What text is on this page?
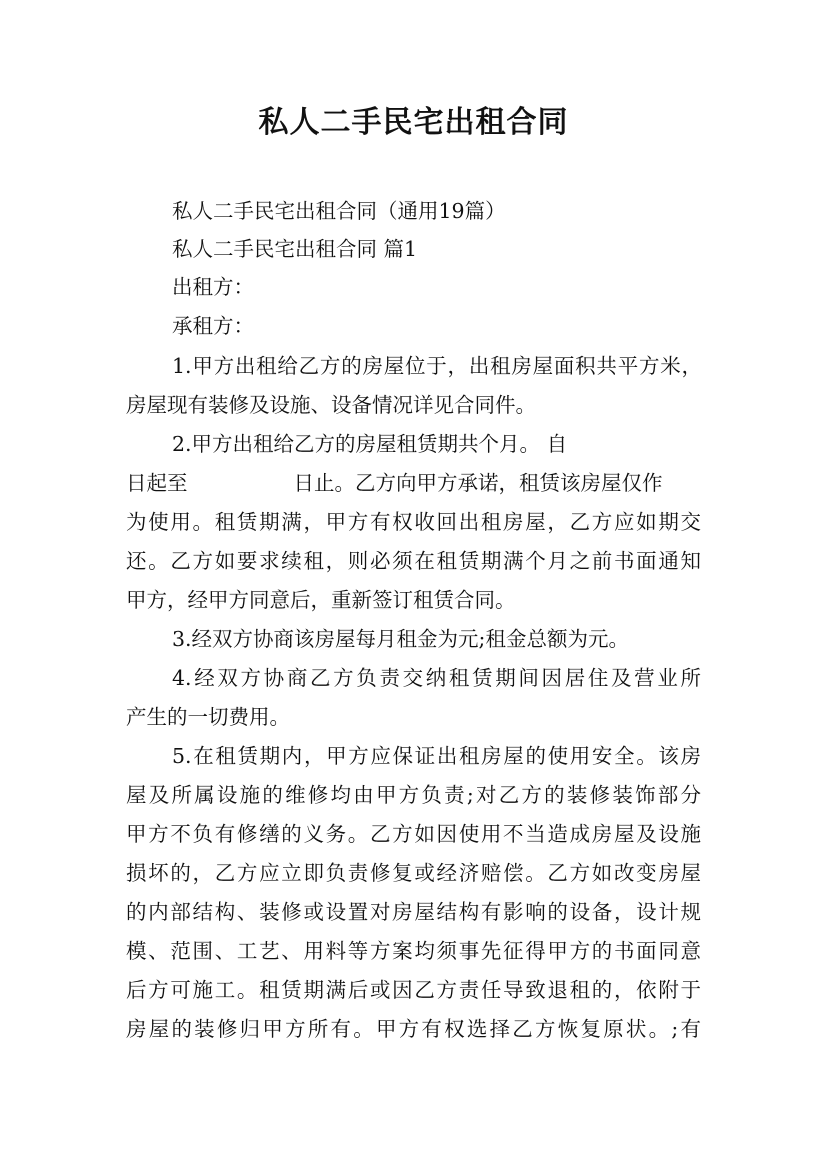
私人二手民宅出租合同
私人二手民宅出租合同（通用19篇）
私人二手民宅出租合同 篇1
出租方：
承租方：
1.甲方出租给乙方的房屋位于，出租房屋面积共平方米，
房屋现有装修及设施、设备情况详见合同件。
2.甲方出租给乙方的房屋租赁期共个月。 自
日起至	日止。乙方向甲方承诺，租赁该房屋仅作
为使用。租赁期满，甲方有权收回出租房屋，乙方应如期交
还。乙方如要求续租，则必须在租赁期满个月之前书面通知
甲方，经甲方同意后，重新签订租赁合同。
3.经双方协商该房屋每月租金为元;租金总额为元。
4.经双方协商乙方负责交纳租赁期间因居住及营业所
产生的一切费用。
5.在租赁期内，甲方应保证出租房屋的使用安全。该房
屋及所属设施的维修均由甲方负责;对乙方的装修装饰部分
甲方不负有修缮的义务。乙方如因使用不当造成房屋及设施
损坏的，乙方应立即负责修复或经济赔偿。乙方如改变房屋
的内部结构、装修或设置对房屋结构有影响的设备，设计规
模、范围、工艺、用料等方案均须事先征得甲方的书面同意
后方可施工。租赁期满后或因乙方责任导致退租的，依附于
房屋的装修归甲方所有。甲方有权选择乙方恢复原状。;有
